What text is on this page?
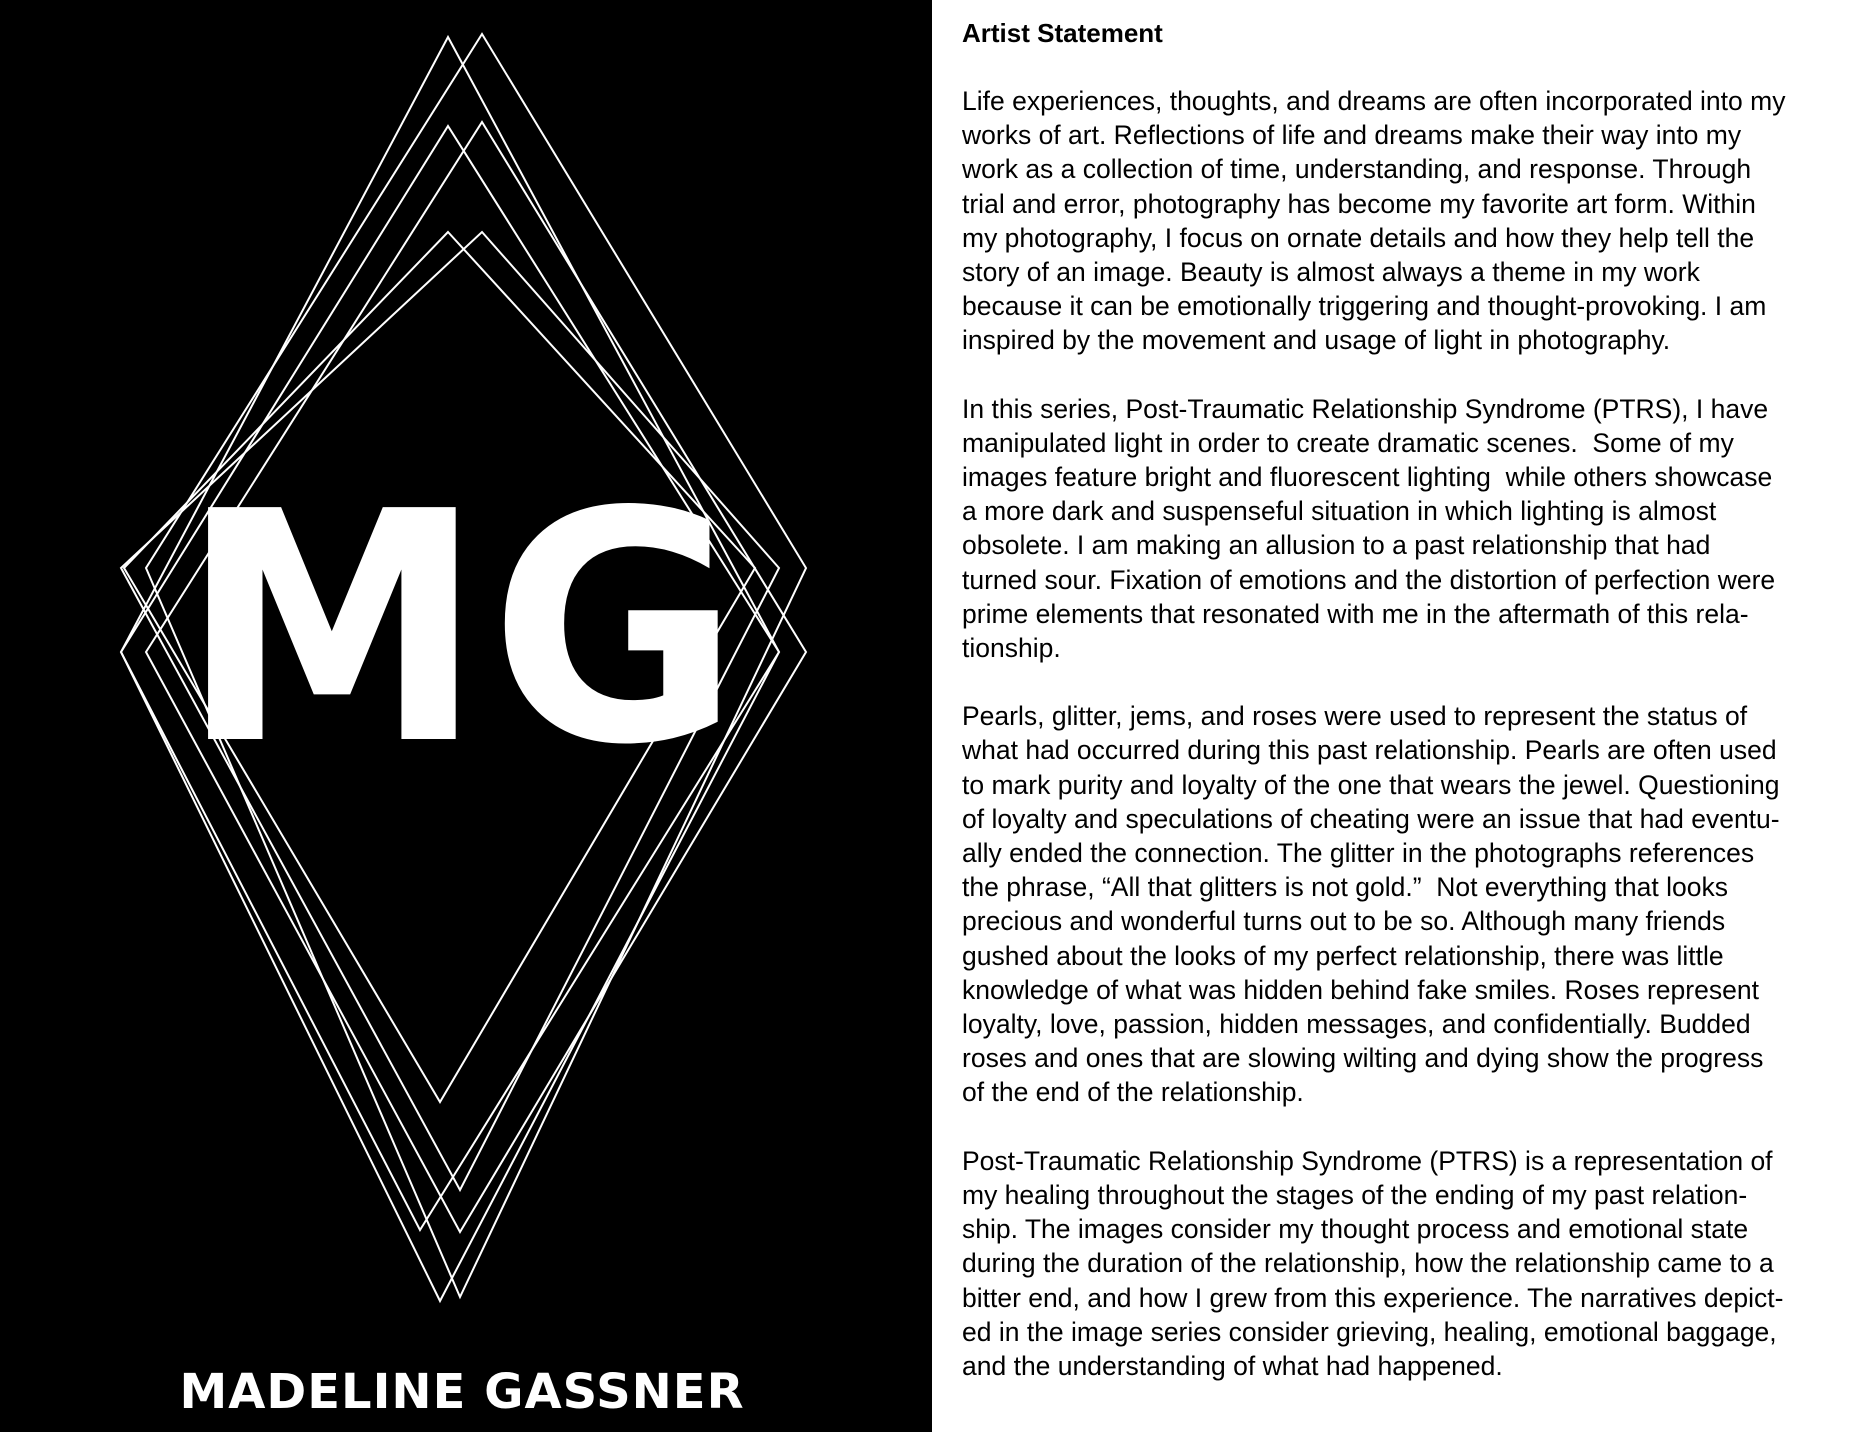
MG
MADELINE GASSNER
Artist Statement

Life experiences, thoughts, and dreams are often incorporated into my
works of art. Reflections of life and dreams make their way into my
work as a collection of time, understanding, and response. Through
trial and error, photography has become my favorite art form. Within
my photography, I focus on ornate details and how they help tell the
story of an image. Beauty is almost always a theme in my work
because it can be emotionally triggering and thought-provoking. I am
inspired by the movement and usage of light in photography.

In this series, Post-Traumatic Relationship Syndrome (PTRS), I have
manipulated light in order to create dramatic scenes.  Some of my
images feature bright and fluorescent lighting  while others showcase
a more dark and suspenseful situation in which lighting is almost
obsolete. I am making an allusion to a past relationship that had
turned sour. Fixation of emotions and the distortion of perfection were
prime elements that resonated with me in the aftermath of this rela-
tionship.

Pearls, glitter, jems, and roses were used to represent the status of
what had occurred during this past relationship. Pearls are often used
to mark purity and loyalty of the one that wears the jewel. Questioning
of loyalty and speculations of cheating were an issue that had eventu-
ally ended the connection. The glitter in the photographs references
the phrase, “All that glitters is not gold.”  Not everything that looks
precious and wonderful turns out to be so. Although many friends
gushed about the looks of my perfect relationship, there was little
knowledge of what was hidden behind fake smiles. Roses represent
loyalty, love, passion, hidden messages, and confidentially. Budded
roses and ones that are slowing wilting and dying show the progress
of the end of the relationship.

Post-Traumatic Relationship Syndrome (PTRS) is a representation of
my healing throughout the stages of the ending of my past relation-
ship. The images consider my thought process and emotional state
during the duration of the relationship, how the relationship came to a
bitter end, and how I grew from this experience. The narratives depict-
ed in the image series consider grieving, healing, emotional baggage,
and the understanding of what had happened.
